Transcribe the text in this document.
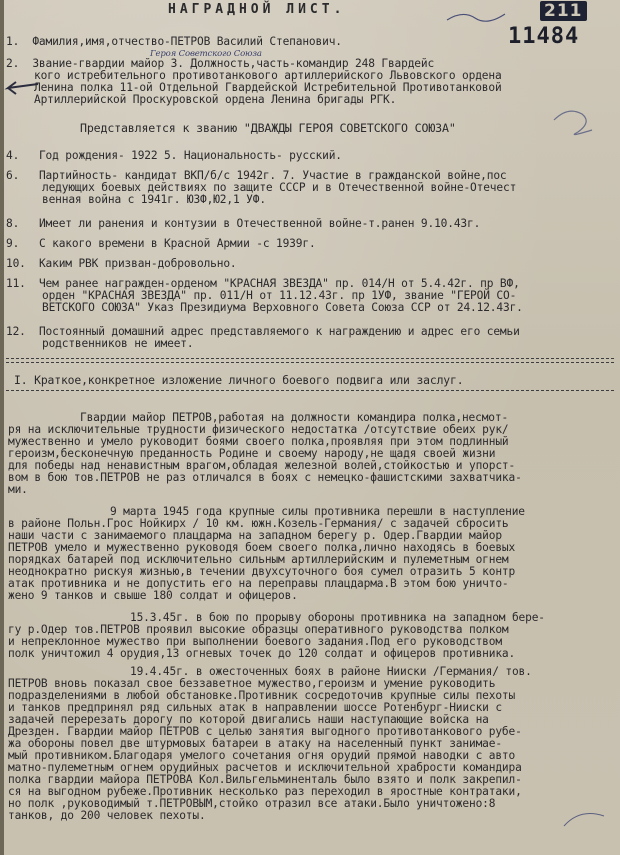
НАГРАДНОЙ ЛИСТ.	211
11484
1. Фамилия,имя,отчество-ПЕТРОВ Василий Степанович.
Героя Советского Союза
2. Звание-гвардии майор 3. Должность,часть-командир 248 Гвардейс
кого истребительного противотанкового артиллерийского Львовского ордена
Ленина полка 11-ой Отдельной Гвардейской Истребительной Противотанковой
Артиллерийской Проскуровской ордена Ленина бригады РГК.
Представляется к званию "ДВАЖДЫ ГЕРОЯ СОВЕТСКОГО СОЮЗА"
4. Год рождения- 1922 5. Национальность- русский.
6. Партийность- кандидат ВКП/б/с 1942г. 7. Участие в гражданской войне,пос
ледующих боевых действиях по защите СССР и в Отечественной войне-Отечест
венная война с 1941г. ЮЗФ,Ю2,1 УФ.
8. Имеет ли ранения и контузии в Отечественной войне-т.ранен 9.10.43г.
9. С какого времени в Красной Армии -с 1939г.
10. Каким РВК призван-добровольно.
11. Чем ранее награжден-орденом "КРАСНАЯ ЗВЕЗДА" пр. 014/Н от 5.4.42г. пр ВФ,
орден "КРАСНАЯ ЗВЕЗДА" пр. 011/Н от 11.12.43г. пр 1УФ, звание "ГЕРОЙ СО-
ВЕТСКОГО СОЮЗА" Указ Президиума Верховного Совета Союза ССР от 24.12.43г.
12. Постоянный домашний адрес представляемого к награждению и адрес его семьи
родственников не имеет.
I. Краткое,конкретное изложение личного боевого подвига или заслуг.
Гвардии майор ПЕТРОВ,работая на должности командира полка,несмот-
ря на исключительные трудности физического недостатка /отсутствие обеих рук/
мужественно и умело руководит боями своего полка,проявляя при этом подлинный
героизм,бесконечную преданность Родине и своему народу,не щадя своей жизни
для победы над ненавистным врагом,обладая железной волей,стойкостью и упорст-
вом в бою тов.ПЕТРОВ не раз отличался в боях с немецко-фашистскими захватчика-
ми.
9 марта 1945 года крупные силы противника перешли в наступление
в районе Польн.Грос Нойкирх / 10 км. южн.Козель-Германия/ с задачей сбросить
наши части с занимаемого плацдарма на западном берегу р. Одер.Гвардии майор
ПЕТРОВ умело и мужественно руководя боем своего полка,лично находясь в боевых
порядках батарей под исключительно сильным артиллерийским и пулеметным огнем
неоднократно рискуя жизнью,в течении двухсуточного боя сумел отразить 5 контр
атак противника и не допустить его на переправы плацдарма.В этом бою уничто-
жено 9 танков и свыше 180 солдат и офицеров.
15.3.45г. в бою по прорыву обороны противника на западном бере-
гу р.Одер тов.ПЕТРОВ проявил высокие образцы оперативного руководства полком
и непреклонное мужество при выполнении боевого задания.Под его руководством
полк уничтожил 4 орудия,13 огневых точек до 120 солдат и офицеров противника.
19.4.45г. в ожесточенных боях в районе Нииски /Германия/ тов.
ПЕТРОВ вновь показал свое беззаветное мужество,героизм и умение руководить
подразделениями в любой обстановке.Противник сосредоточив крупные силы пехоты
и танков предпринял ряд сильных атак в направлении шоссе Ротенбург-Нииски с
задачей перерезать дорогу по которой двигались наши наступающие войска на
Дрезден. Гвардии майор ПЕТРОВ с целью занятия выгодного противотанкового рубе-
жа обороны повел две штурмовых батареи в атаку на населенный пункт занимае-
мый противником.Благодаря умелого сочетания огня орудий прямой наводки с авто
матно-пулеметным огнем орудийных расчетов и исключительной храбрости командира
полка гвардии майора ПЕТРОВА Кол.Вильгельминенталь было взято и полк закрепил-
ся на выгодном рубеже.Противник несколько раз переходил в яростные контратаки,
но полк ,руководимый т.ПЕТРОВЫМ,стойко отразил все атаки.Было уничтожено:8
танков, до 200 человек пехоты.
